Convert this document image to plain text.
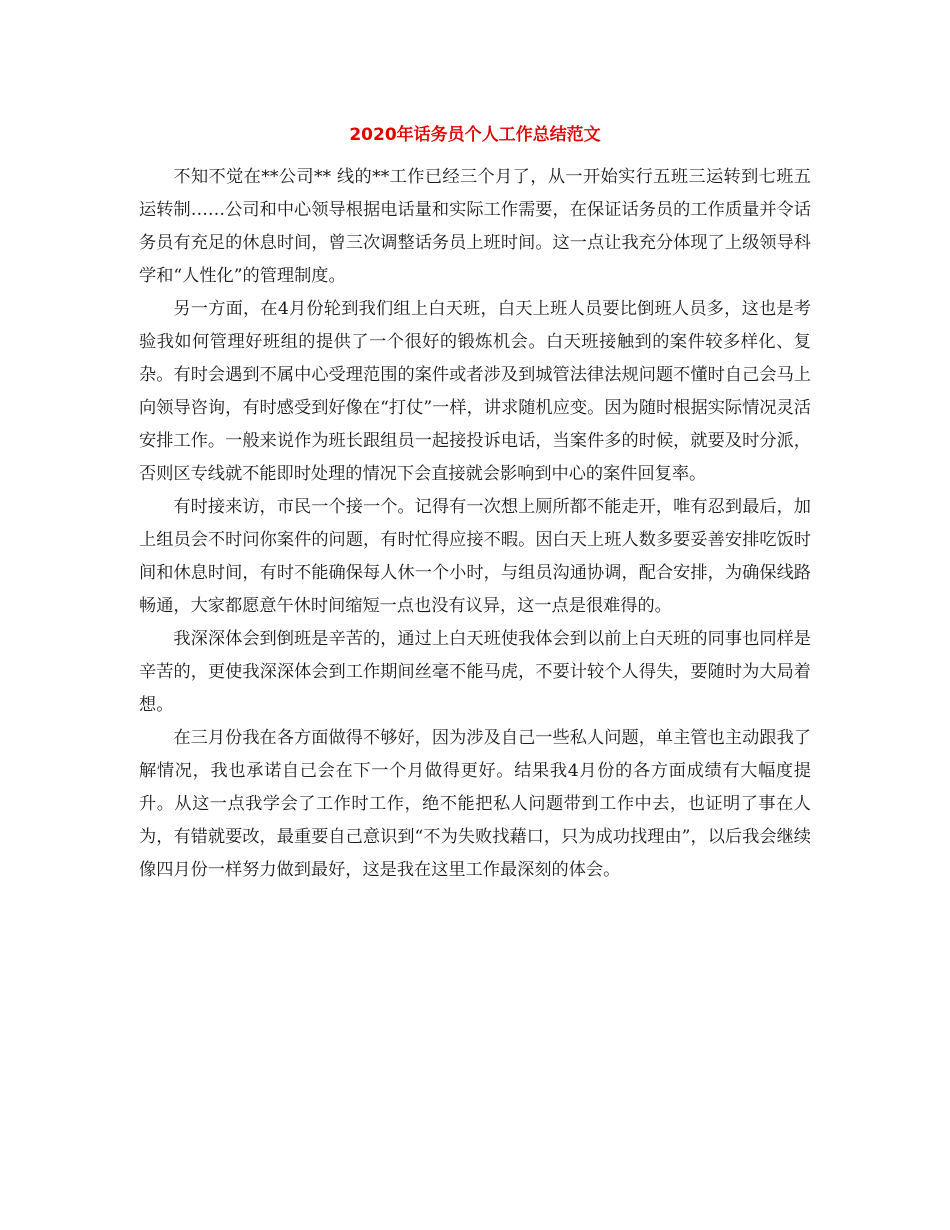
2020年话务员个人工作总结范文

不知不觉在**公司** 线的**工作已经三个月了，从一开始实行五班三运转到七班五运转制……公司和中心领导根据电话量和实际工作需要，在保证话务员的工作质量并令话务员有充足的休息时间，曾三次调整话务员上班时间。这一点让我充分体现了上级领导科学和“人性化”的管理制度。

另一方面，在4月份轮到我们组上白天班，白天上班人员要比倒班人员多，这也是考验我如何管理好班组的提供了一个很好的锻炼机会。白天班接触到的案件较多样化、复杂。有时会遇到不属中心受理范围的案件或者涉及到城管法律法规问题不懂时自己会马上向领导咨询，有时感受到好像在“打仗”一样，讲求随机应变。因为随时根据实际情况灵活安排工作。一般来说作为班长跟组员一起接投诉电话，当案件多的时候，就要及时分派，否则区专线就不能即时处理的情况下会直接就会影响到中心的案件回复率。

有时接来访，市民一个接一个。记得有一次想上厕所都不能走开，唯有忍到最后，加上组员会不时问你案件的问题，有时忙得应接不暇。因白天上班人数多要妥善安排吃饭时间和休息时间，有时不能确保每人休一个小时，与组员沟通协调，配合安排，为确保线路畅通，大家都愿意午休时间缩短一点也没有议异，这一点是很难得的。

我深深体会到倒班是辛苦的，通过上白天班使我体会到以前上白天班的同事也同样是辛苦的，更使我深深体会到工作期间丝毫不能马虎，不要计较个人得失，要随时为大局着想。

在三月份我在各方面做得不够好，因为涉及自己一些私人问题，单主管也主动跟我了解情况，我也承诺自己会在下一个月做得更好。结果我4月份的各方面成绩有大幅度提升。从这一点我学会了工作时工作，绝不能把私人问题带到工作中去，也证明了事在人为，有错就要改，最重要自己意识到“不为失败找藉口，只为成功找理由”，以后我会继续像四月份一样努力做到最好，这是我在这里工作最深刻的体会。
